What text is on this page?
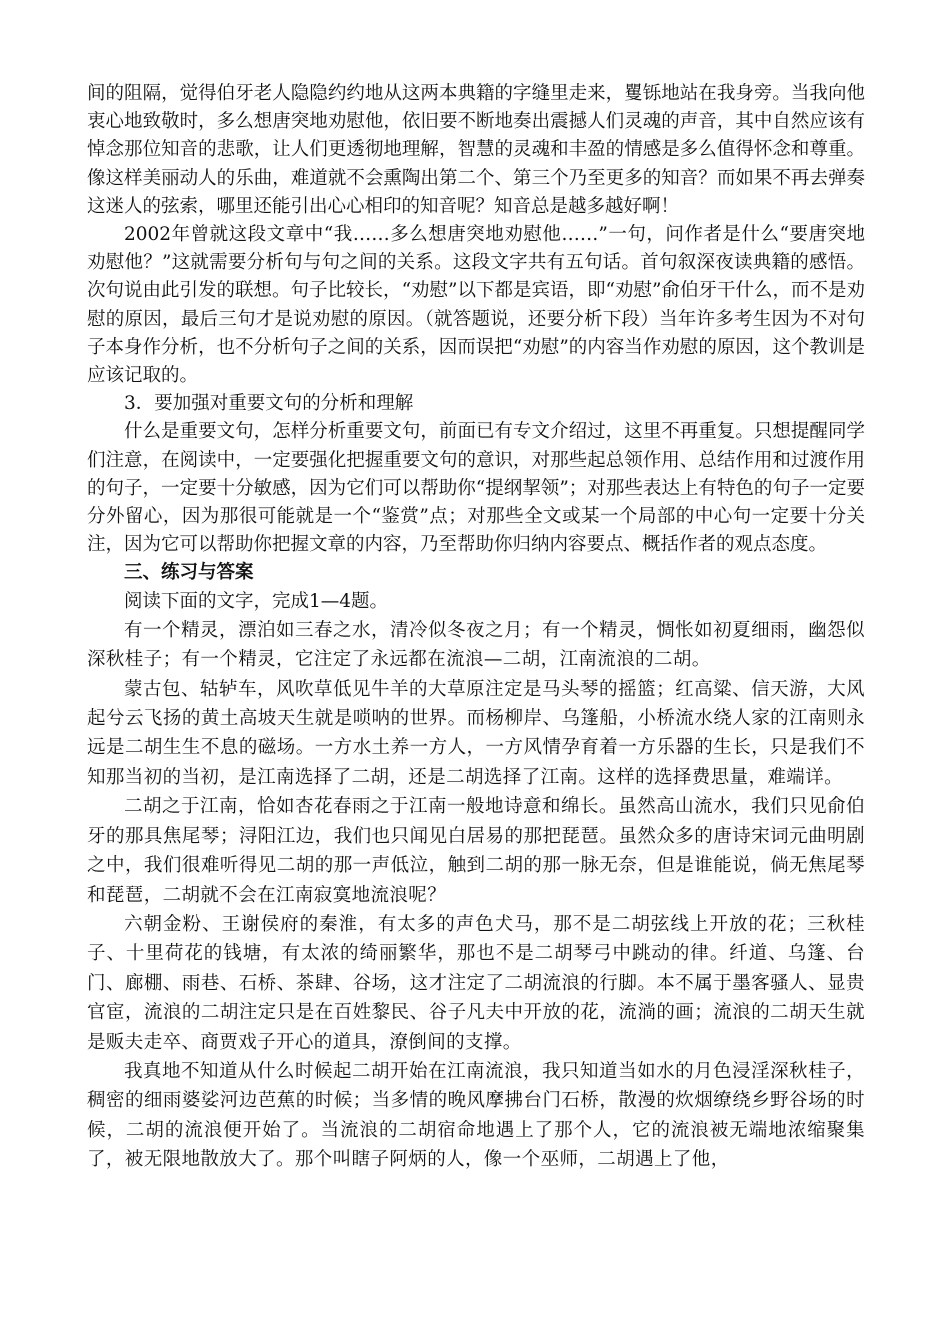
间的阻隔，觉得伯牙老人隐隐约约地从这两本典籍的字缝里走来，矍铄地站在我身旁。当我向他衷心地致敬时，多么想唐突地劝慰他，依旧要不断地奏出震撼人们灵魂的声音，其中自然应该有悼念那位知音的悲歌，让人们更透彻地理解，智慧的灵魂和丰盈的情感是多么值得怀念和尊重。像这样美丽动人的乐曲，难道就不会熏陶出第二个、第三个乃至更多的知音？而如果不再去弹奏这迷人的弦索，哪里还能引出心心相印的知音呢？知音总是越多越好啊！

2002年曾就这段文章中“我……多么想唐突地劝慰他……”一句，问作者是什么“要唐突地劝慰他？”这就需要分析句与句之间的关系。这段文字共有五句话。首句叙深夜读典籍的感悟。次句说由此引发的联想。句子比较长，“劝慰”以下都是宾语，即“劝慰”俞伯牙干什么，而不是劝慰的原因，最后三句才是说劝慰的原因。（就答题说，还要分析下段）当年许多考生因为不对句子本身作分析，也不分析句子之间的关系，因而误把“劝慰”的内容当作劝慰的原因，这个教训是应该记取的。

3．要加强对重要文句的分析和理解

什么是重要文句，怎样分析重要文句，前面已有专文介绍过，这里不再重复。只想提醒同学们注意，在阅读中，一定要强化把握重要文句的意识，对那些起总领作用、总结作用和过渡作用的句子，一定要十分敏感，因为它们可以帮助你“提纲挈领”；对那些表达上有特色的句子一定要分外留心，因为那很可能就是一个“鉴赏”点；对那些全文或某一个局部的中心句一定要十分关注，因为它可以帮助你把握文章的内容，乃至帮助你归纳内容要点、概括作者的观点态度。

三、练习与答案

阅读下面的文字，完成1—4题。

有一个精灵，漂泊如三春之水，清冷似冬夜之月；有一个精灵，惆怅如初夏细雨，幽怨似深秋桂子；有一个精灵，它注定了永远都在流浪—二胡，江南流浪的二胡。

蒙古包、轱轳车，风吹草低见牛羊的大草原注定是马头琴的摇篮；红高粱、信天游，大风起兮云飞扬的黄土高坡天生就是唢呐的世界。而杨柳岸、乌篷船，小桥流水绕人家的江南则永远是二胡生生不息的磁场。一方水土养一方人，一方风情孕育着一方乐器的生长，只是我们不知那当初的当初，是江南选择了二胡，还是二胡选择了江南。这样的选择费思量，难端详。

二胡之于江南，恰如杏花春雨之于江南一般地诗意和绵长。虽然高山流水，我们只见俞伯牙的那具焦尾琴；浔阳江边，我们也只闻见白居易的那把琵琶。虽然众多的唐诗宋词元曲明剧之中，我们很难听得见二胡的那一声低泣，触到二胡的那一脉无奈，但是谁能说，倘无焦尾琴和琵琶，二胡就不会在江南寂寞地流浪呢？

六朝金粉、王谢侯府的秦淮，有太多的声色犬马，那不是二胡弦线上开放的花；三秋桂子、十里荷花的钱塘，有太浓的绮丽繁华，那也不是二胡琴弓中跳动的律。纤道、乌篷、台门、廊棚、雨巷、石桥、茶肆、谷场，这才注定了二胡流浪的行脚。本不属于墨客骚人、显贵官宦，流浪的二胡注定只是在百姓黎民、谷子凡夫中开放的花，流淌的画；流浪的二胡天生就是贩夫走卒、商贾戏子开心的道具，潦倒间的支撑。

我真地不知道从什么时候起二胡开始在江南流浪，我只知道当如水的月色浸淫深秋桂子，稠密的细雨婆娑河边芭蕉的时候；当多情的晚风摩拂台门石桥，散漫的炊烟缭绕乡野谷场的时候，二胡的流浪便开始了。当流浪的二胡宿命地遇上了那个人，它的流浪被无端地浓缩聚集了，被无限地散放大了。那个叫瞎子阿炳的人，像一个巫师，二胡遇上了他，
